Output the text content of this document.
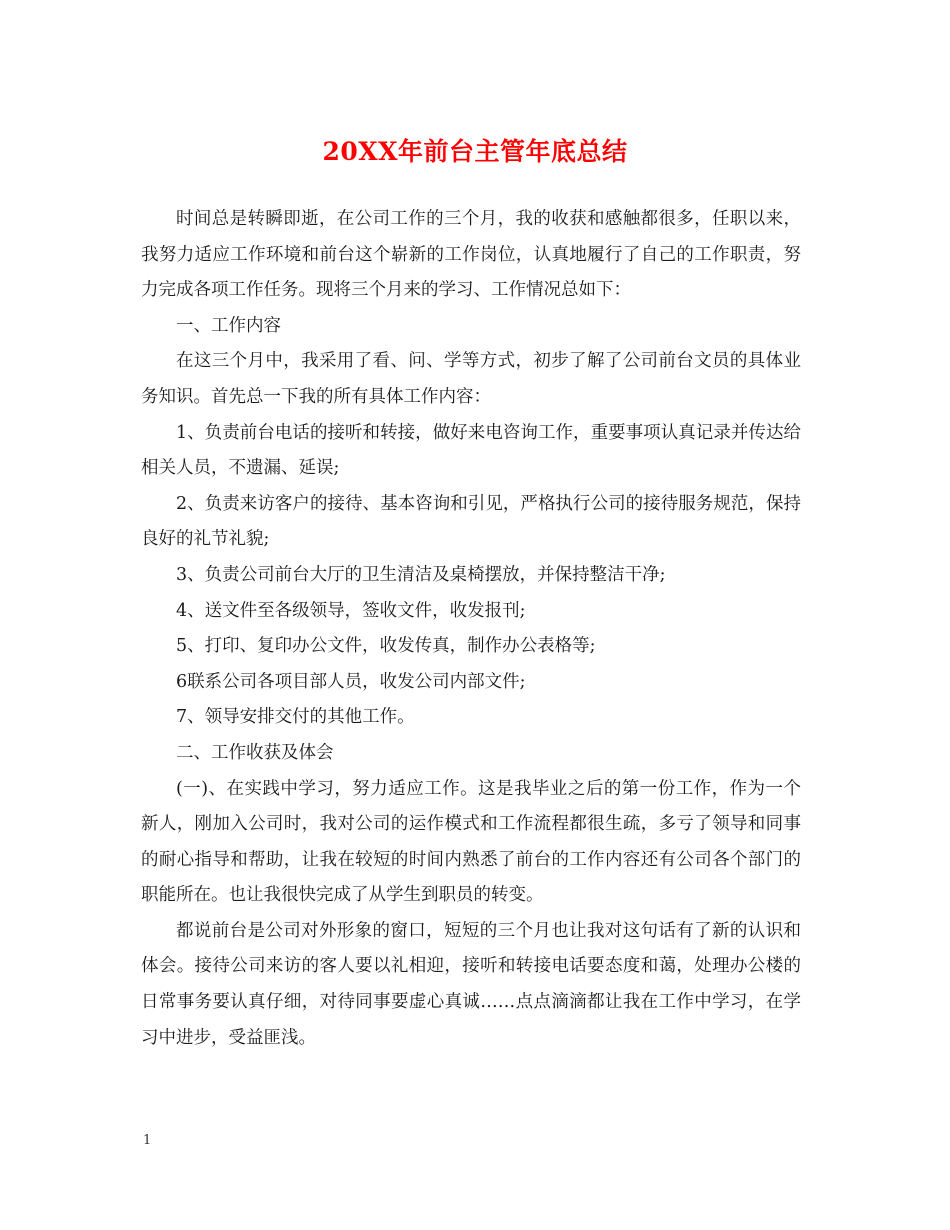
20XX年前台主管年底总结

时间总是转瞬即逝，在公司工作的三个月，我的收获和感触都很多，任职以来，我努力适应工作环境和前台这个崭新的工作岗位，认真地履行了自己的工作职责，努力完成各项工作任务。现将三个月来的学习、工作情况总如下：

一、工作内容

在这三个月中，我采用了看、问、学等方式，初步了解了公司前台文员的具体业务知识。首先总一下我的所有具体工作内容：

1、负责前台电话的接听和转接，做好来电咨询工作，重要事项认真记录并传达给相关人员，不遗漏、延误;

2、负责来访客户的接待、基本咨询和引见，严格执行公司的接待服务规范，保持良好的礼节礼貌;

3、负责公司前台大厅的卫生清洁及桌椅摆放，并保持整洁干净;

4、送文件至各级领导，签收文件，收发报刊;

5、打印、复印办公文件，收发传真，制作办公表格等;

6联系公司各项目部人员，收发公司内部文件;

7、领导安排交付的其他工作。

二、工作收获及体会

(一)、在实践中学习，努力适应工作。这是我毕业之后的第一份工作，作为一个新人，刚加入公司时，我对公司的运作模式和工作流程都很生疏，多亏了领导和同事的耐心指导和帮助，让我在较短的时间内熟悉了前台的工作内容还有公司各个部门的职能所在。也让我很快完成了从学生到职员的转变。

都说前台是公司对外形象的窗口，短短的三个月也让我对这句话有了新的认识和体会。接待公司来访的客人要以礼相迎，接听和转接电话要态度和蔼，处理办公楼的日常事务要认真仔细，对待同事要虚心真诚……点点滴滴都让我在工作中学习，在学习中进步，受益匪浅。

1
